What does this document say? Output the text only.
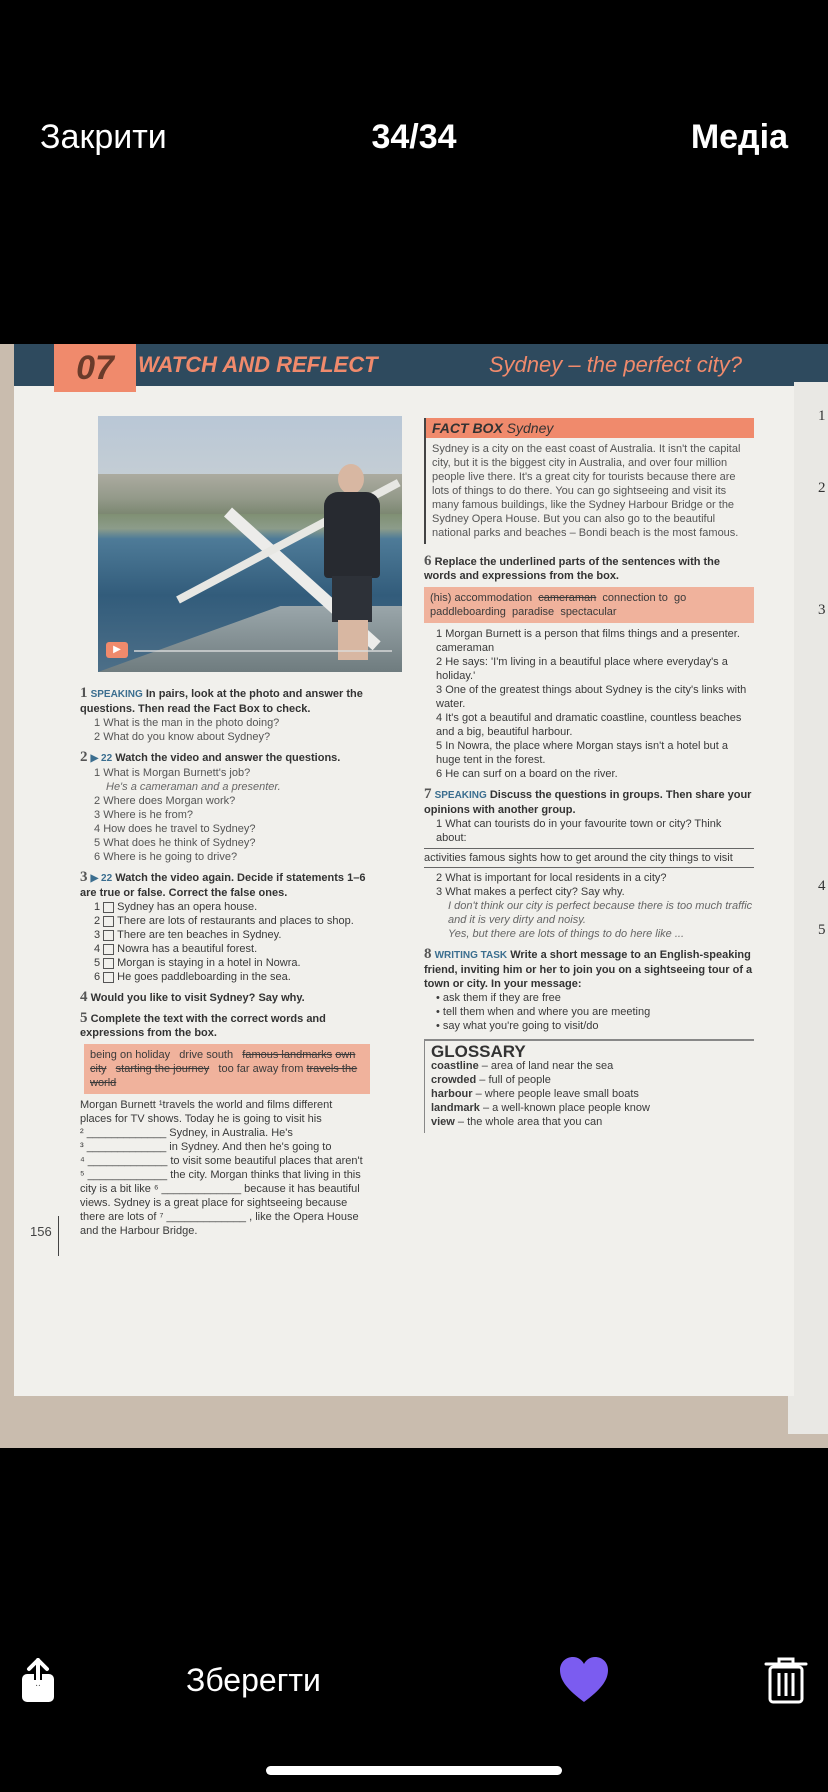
Закрити	34/34	Медіа
1
2
3
4
5
07	WATCH AND REFLECT	Sydney – the perfect city?
▶
1 SPEAKING In pairs, look at the photo and answer the questions. Then read the Fact Box to check.
1 What is the man in the photo doing?
2 What do you know about Sydney?
2 ▶ 22 Watch the video and answer the questions.
1 What is Morgan Burnett's job?
He's a cameraman and a presenter.
2 Where does Morgan work?
3 Where is he from?
4 How does he travel to Sydney?
5 What does he think of Sydney?
6 Where is he going to drive?
3 ▶ 22 Watch the video again. Decide if statements 1–6 are true or false. Correct the false ones.
1 Sydney has an opera house.
2 There are lots of restaurants and places to shop.
3 There are ten beaches in Sydney.
4 Nowra has a beautiful forest.
5 Morgan is staying in a hotel in Nowra.
6 He goes paddleboarding in the sea.
4 Would you like to visit Sydney? Say why.
5 Complete the text with the correct words and expressions from the box.
being on holiday drive south famous landmarks own city starting the journey too far away from travels the world
Morgan Burnett ¹travels the world and films different
places for TV shows. Today he is going to visit his
² _____________ Sydney, in Australia. He's
³ _____________ in Sydney. And then he's going to
⁴ _____________ to visit some beautiful places that aren't
⁵ _____________ the city. Morgan thinks that living in this
city is a bit like ⁶ _____________ because it has beautiful
views. Sydney is a great place for sightseeing because
there are lots of ⁷ _____________ , like the Opera House
and the Harbour Bridge.
FACT BOX Sydney
Sydney is a city on the east coast of Australia. It isn't the capital city, but it is the biggest city in Australia, and over four million people live there. It's a great city for tourists because there are lots of things to do there. You can go sightseeing and visit its many famous buildings, like the Sydney Harbour Bridge or the Sydney Opera House. But you can also go to the beautiful national parks and beaches – Bondi beach is the most famous.
6 Replace the underlined parts of the sentences with the words and expressions from the box.
(his) accommodation cameraman connection to go paddleboarding paradise spectacular
1 Morgan Burnett is a person that films things and a presenter. cameraman
2 He says: 'I'm living in a beautiful place where everyday's a holiday.'
3 One of the greatest things about Sydney is the city's links with water.
4 It's got a beautiful and dramatic coastline, countless beaches and a big, beautiful harbour.
5 In Nowra, the place where Morgan stays isn't a hotel but a huge tent in the forest.
6 He can surf on a board on the river.
7 SPEAKING Discuss the questions in groups. Then share your opinions with another group.
1 What can tourists do in your favourite town or city? Think about:
activities famous sights how to get around the city things to visit
2 What is important for local residents in a city?
3 What makes a perfect city? Say why.
I don't think our city is perfect because there is too much traffic and it is very dirty and noisy.
Yes, but there are lots of things to do here like ...
8 WRITING TASK Write a short message to an English-speaking friend, inviting him or her to join you on a sightseeing tour of a town or city. In your message:
• ask them if they are free
• tell them when and where you are meeting
• say what you're going to visit/do
GLOSSARY
coastline – area of land near the sea
crowded – full of people
harbour – where people leave small boats
landmark – a well-known place people know
view – the whole area that you can
156
Зберегти
